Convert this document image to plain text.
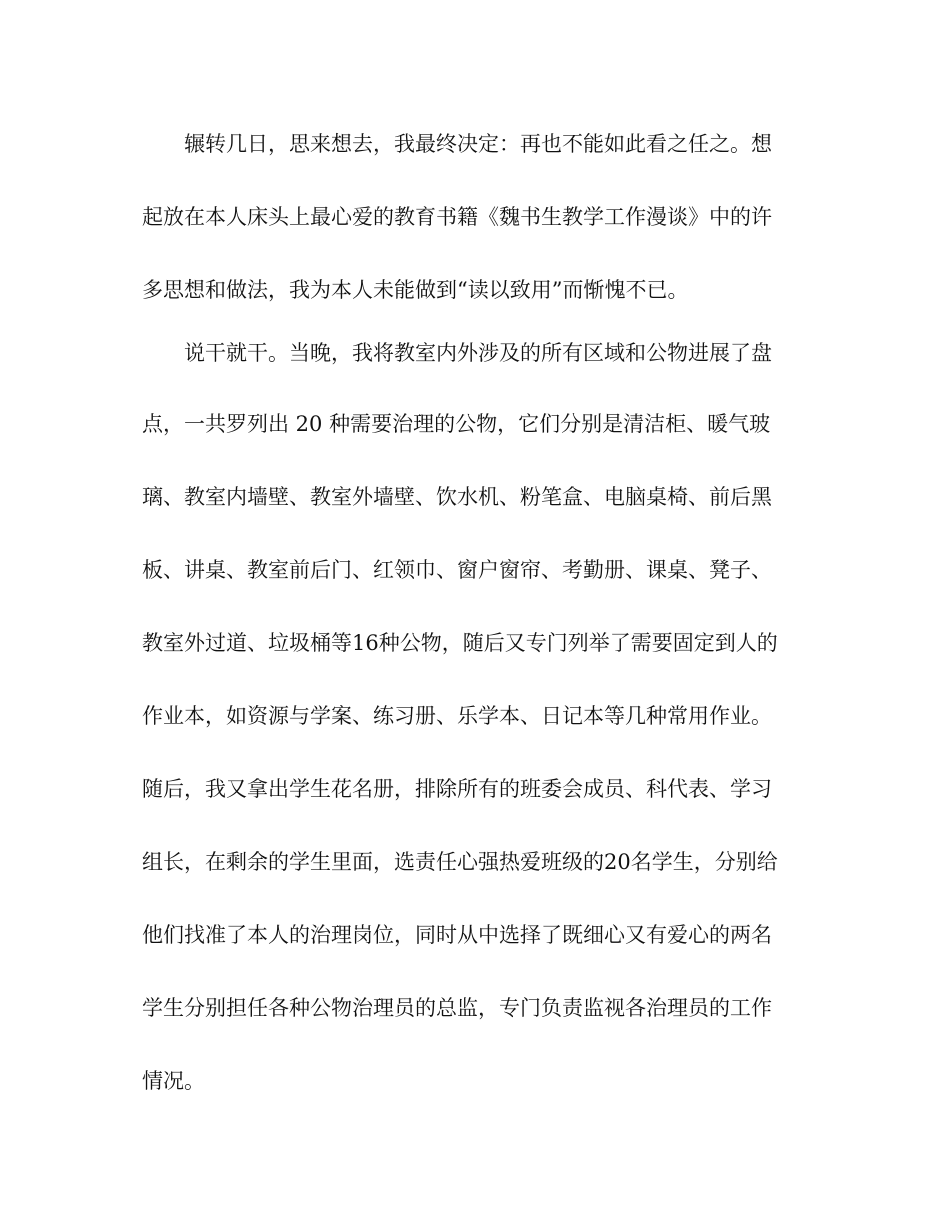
辗转几日，思来想去，我最终决定：再也不能如此看之任之。想
起放在本人床头上最心爱的教育书籍《魏书生教学工作漫谈》中的许
多思想和做法，我为本人未能做到“读以致用”而惭愧不已。
说干就干。当晚，我将教室内外涉及的所有区域和公物进展了盘
点，一共罗列出 20 种需要治理的公物，它们分别是清洁柜、暖气玻
璃、教室内墙壁、教室外墙壁、饮水机、粉笔盒、电脑桌椅、前后黑
板、讲桌、教室前后门、红领巾、窗户窗帘、考勤册、课桌、凳子、
教室外过道、垃圾桶等16种公物，随后又专门列举了需要固定到人的
作业本，如资源与学案、练习册、乐学本、日记本等几种常用作业。
随后，我又拿出学生花名册，排除所有的班委会成员、科代表、学习
组长，在剩余的学生里面，选责任心强热爱班级的20名学生，分别给
他们找准了本人的治理岗位，同时从中选择了既细心又有爱心的两名
学生分别担任各种公物治理员的总监，专门负责监视各治理员的工作
情况。
